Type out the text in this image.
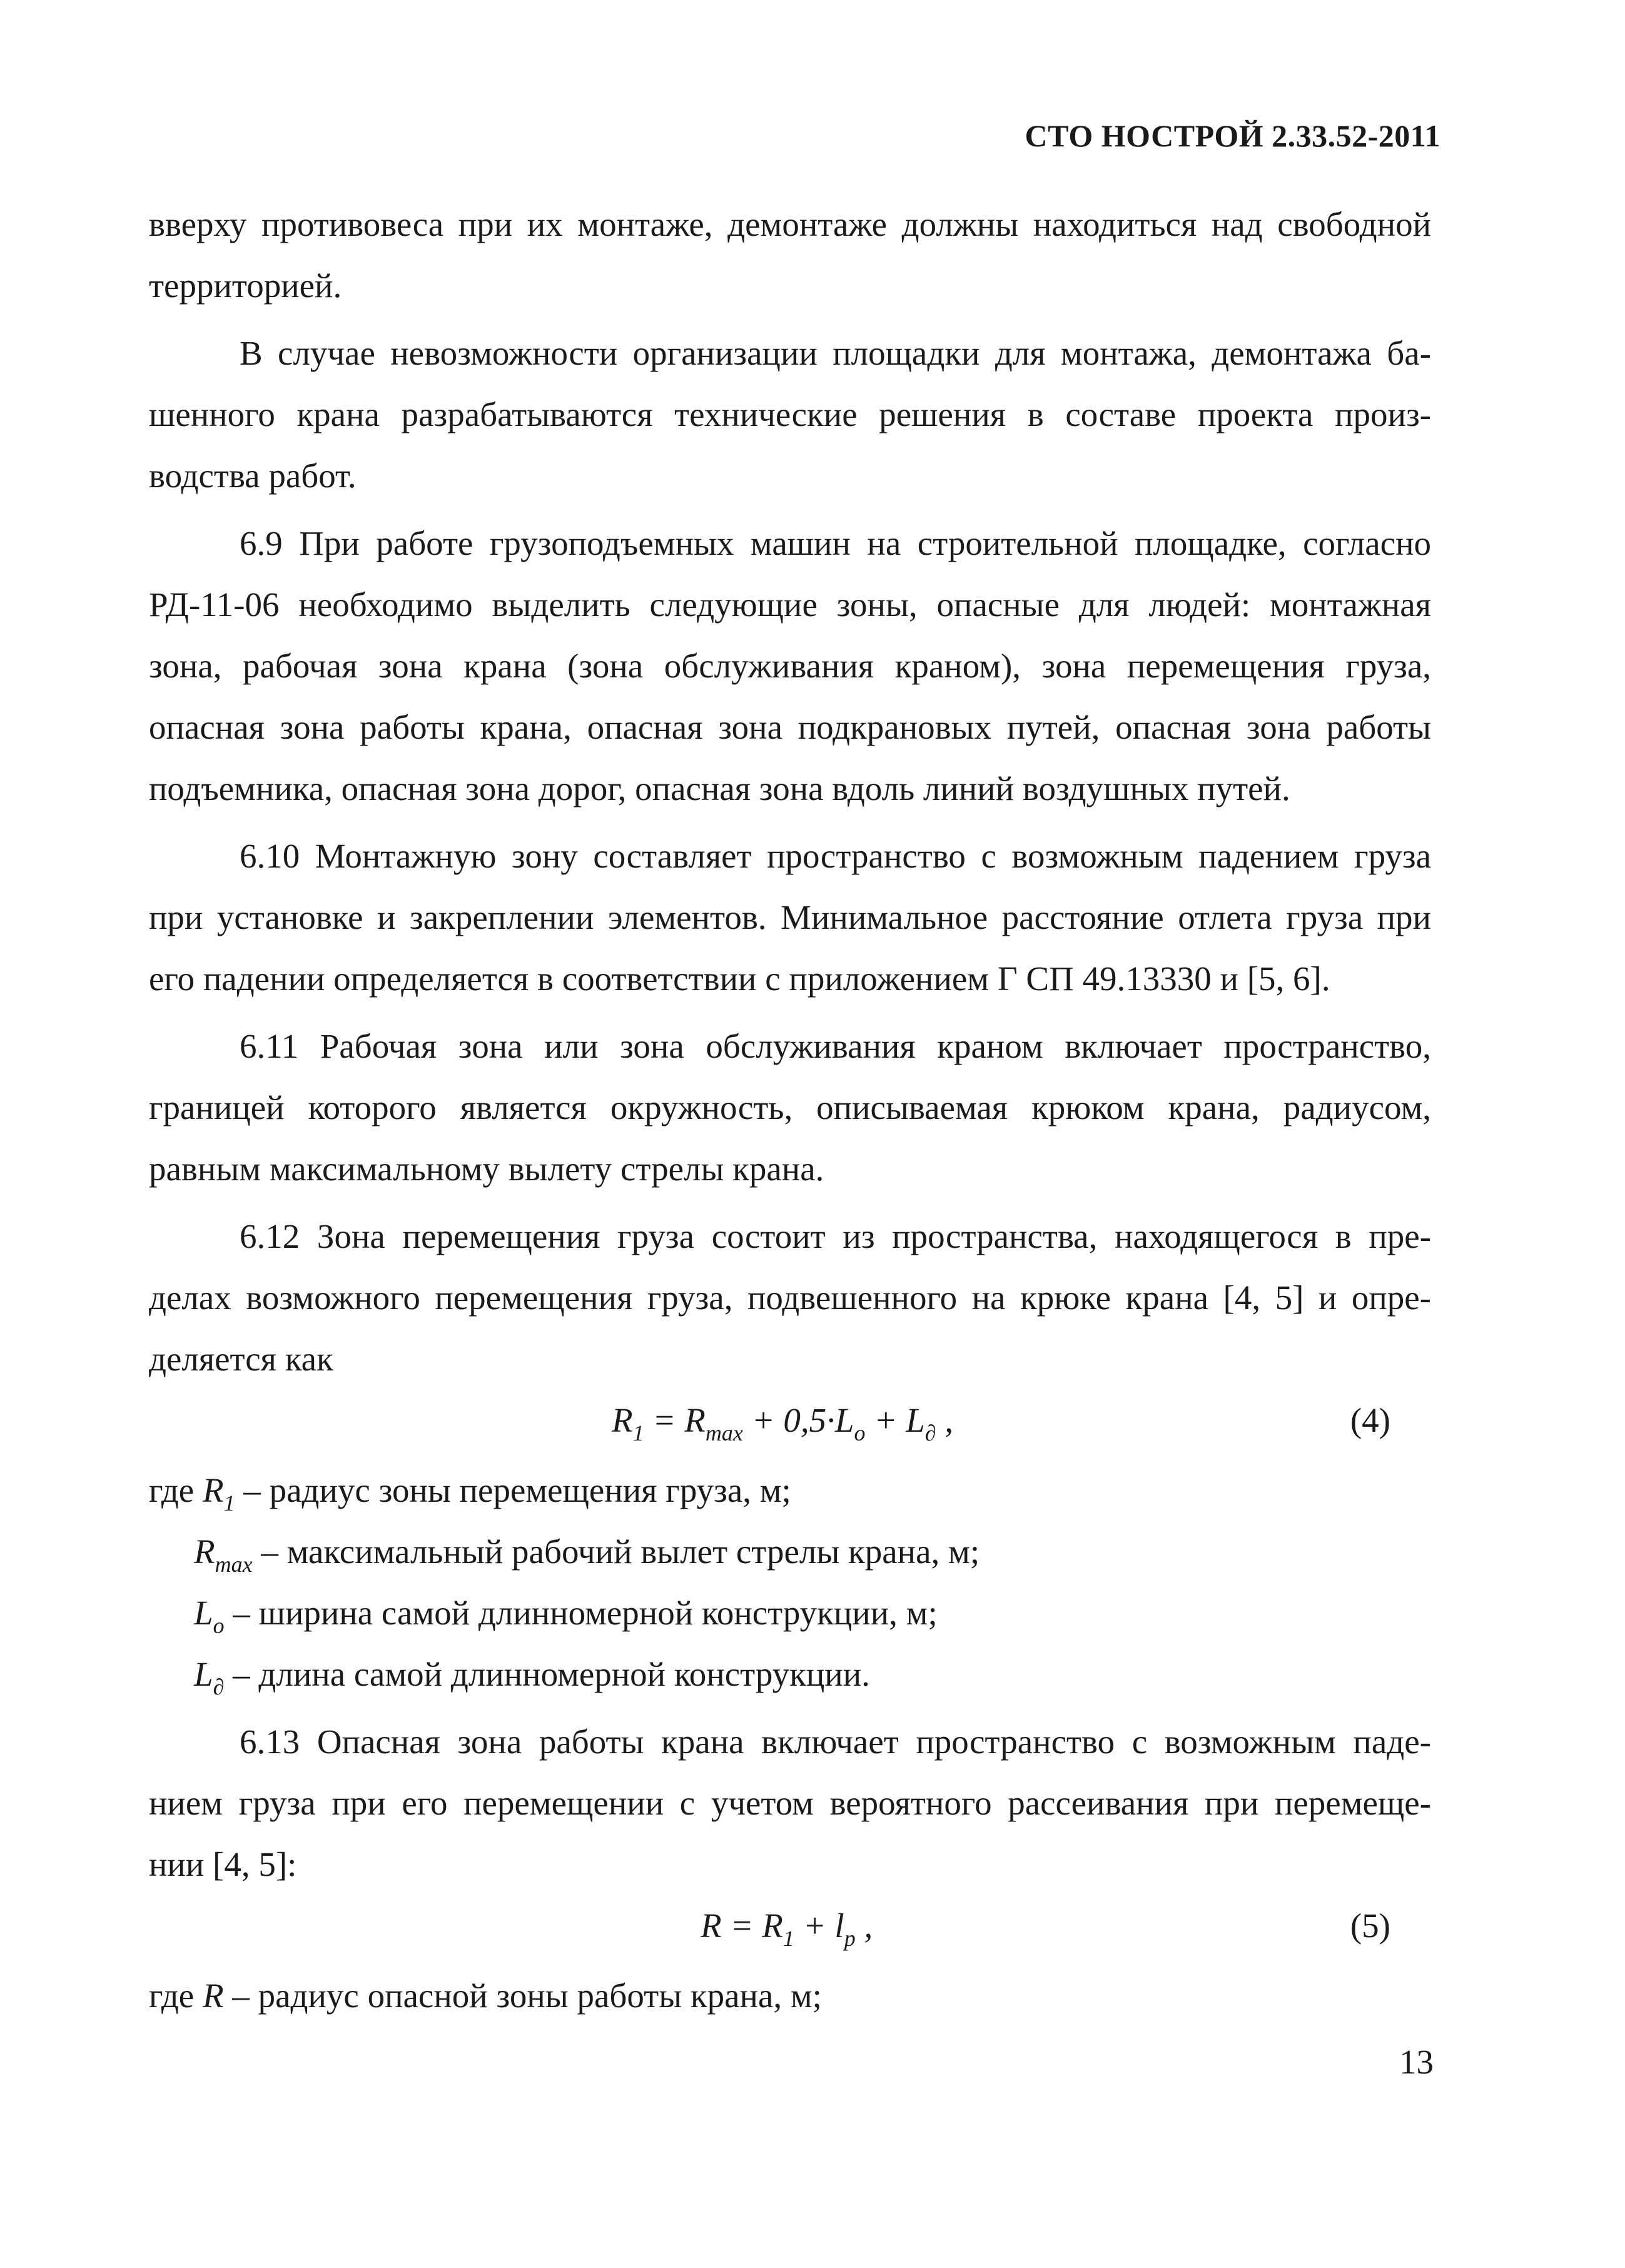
СТО НОСТРОЙ 2.33.52-2011
вверху противовеса при их монтаже, демонтаже должны находиться над свободной
территорией.
В случае невозможности организации площадки для монтажа, демонтажа ба-
шенного крана разрабатываются технические решения в составе проекта произ-
водства работ.
6.9 При работе грузоподъемных машин на строительной площадке, согласно
РД-11-06 необходимо выделить следующие зоны, опасные для людей: монтажная
зона, рабочая зона крана (зона обслуживания краном), зона перемещения груза,
опасная зона работы крана, опасная зона подкрановых путей, опасная зона работы
подъемника, опасная зона дорог, опасная зона вдоль линий воздушных путей.
6.10 Монтажную зону составляет пространство с возможным падением груза
при установке и закреплении элементов. Минимальное расстояние отлета груза при
его падении определяется в соответствии с приложением Г СП 49.13330 и [5, 6].
6.11 Рабочая зона или зона обслуживания краном включает пространство,
границей которого является окружность, описываемая крюком крана, радиусом,
равным максимальному вылету стрелы крана.
6.12 Зона перемещения груза состоит из пространства, находящегося в пре-
делах возможного перемещения груза, подвешенного на крюке крана [4, 5] и опре-
деляется как
$R_1 = R_{max} + 0,5\cdot L_o + L_\partial$ ,	(4)
где $R_1$ – радиус зоны перемещения груза, м;
$R_{max}$ – максимальный рабочий вылет стрелы крана, м;
$L_o$ – ширина самой длинномерной конструкции, м;
$L_\partial$ – длина самой длинномерной конструкции.
6.13 Опасная зона работы крана включает пространство с возможным паде-
нием груза при его перемещении с учетом вероятного рассеивания при перемеще-
нии [4, 5]:
$R = R_1 + l_p$ ,	(5)
где R – радиус опасной зоны работы крана, м;
13
